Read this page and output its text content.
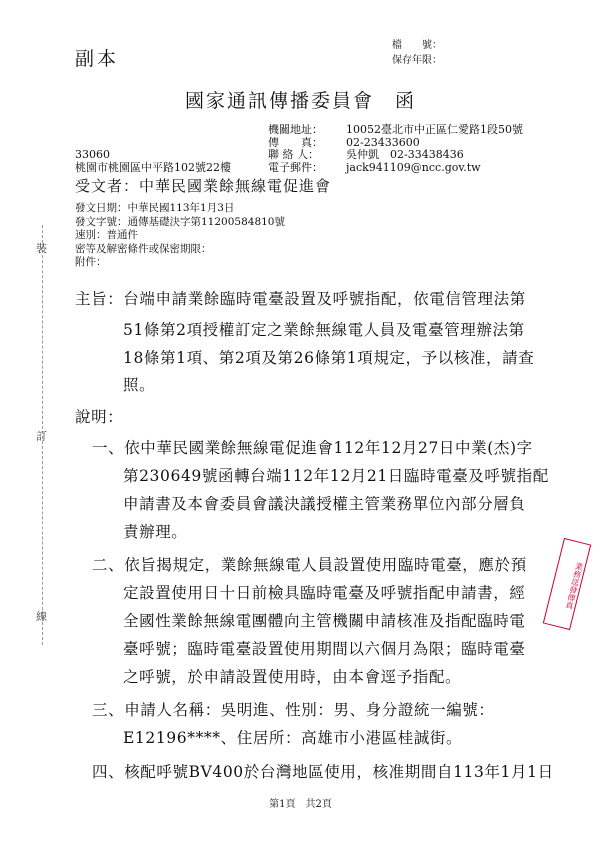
副本
檔　　號：
保存年限：
國家通訊傳播委員會　函
機關地址： 10052臺北市中正區仁愛路1段50號
傳　　真： 02-23433600
聯 絡 人： 吳仲凱　02-33438436
電子郵件： jack941109@ncc.gov.tw
33060
桃園市桃園區中平路102號22樓
受文者：中華民國業餘無線電促進會
發文日期：中華民國113年1月3日
發文字號：通傳基礎決字第11200584810號
速別：普通件
密等及解密條件或保密期限：
附件：
裝
訂
線
主旨：台端申請業餘臨時電臺設置及呼號指配，依電信管理法第
51條第2項授權訂定之業餘無線電人員及電臺管理辦法第
18條第1項、第2項及第26條第1項規定，予以核准，請查
照。
說明：
一、依中華民國業餘無線電促進會112年12月27日中業(杰)字
第230649號函轉台端112年12月21日臨時電臺及呼號指配
申請書及本會委員會議決議授權主管業務單位內部分層負
責辦理。
二、依旨揭規定，業餘無線電人員設置使用臨時電臺，應於預
定設置使用日十日前檢具臨時電臺及呼號指配申請書，經
全國性業餘無線電團體向主管機關申請核准及指配臨時電
臺呼號；臨時電臺設置使用期間以六個月為限；臨時電臺
之呼號，於申請設置使用時，由本會逕予指配。
三、申請人名稱：吳明進、性別：男、身分證統一編號：
E12196****、住居所：高雄市小港區桂誠街。
四、核配呼號BV400於台灣地區使用，核准期間自113年1月1日
業務逕發傳真
第1頁　共2頁
